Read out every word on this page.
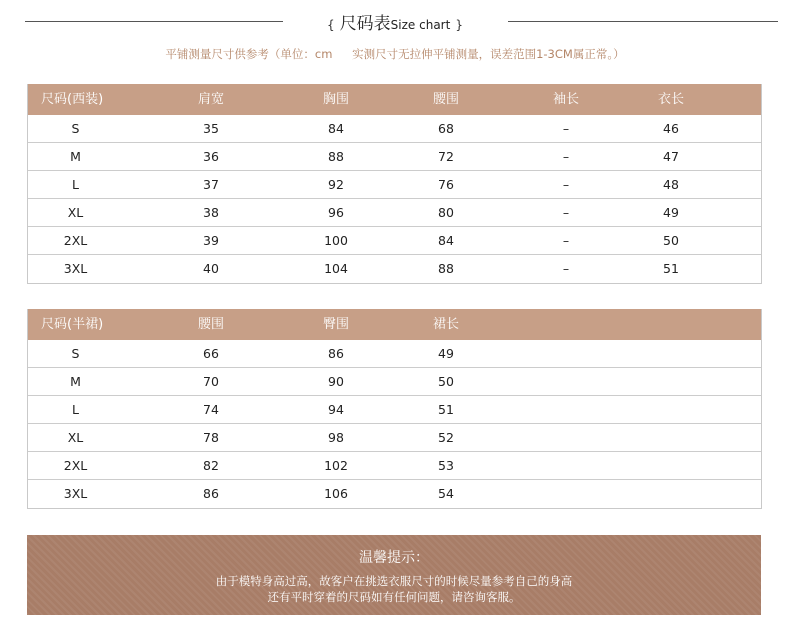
{ 尺码表Size chart }
平铺测量尺寸供参考（单位：cm 实测尺寸无拉伸平铺测量，误差范围1-3CM属正常。）
尺码(西装)	肩宽	胸围	腰围	袖长	衣长
S	35	84	68	–	46
M	36	88	72	–	47
L	37	92	76	–	48
XL	38	96	80	–	49
2XL	39	100	84	–	50
3XL	40	104	88	–	51
尺码(半裙)	腰围	臀围	裙长
S	66	86	49
M	70	90	50
L	74	94	51
XL	78	98	52
2XL	82	102	53
3XL	86	106	54
温馨提示：
由于模特身高过高，故客户在挑选衣服尺寸的时候尽量参考自己的身高
还有平时穿着的尺码如有任何问题，请咨询客服。
